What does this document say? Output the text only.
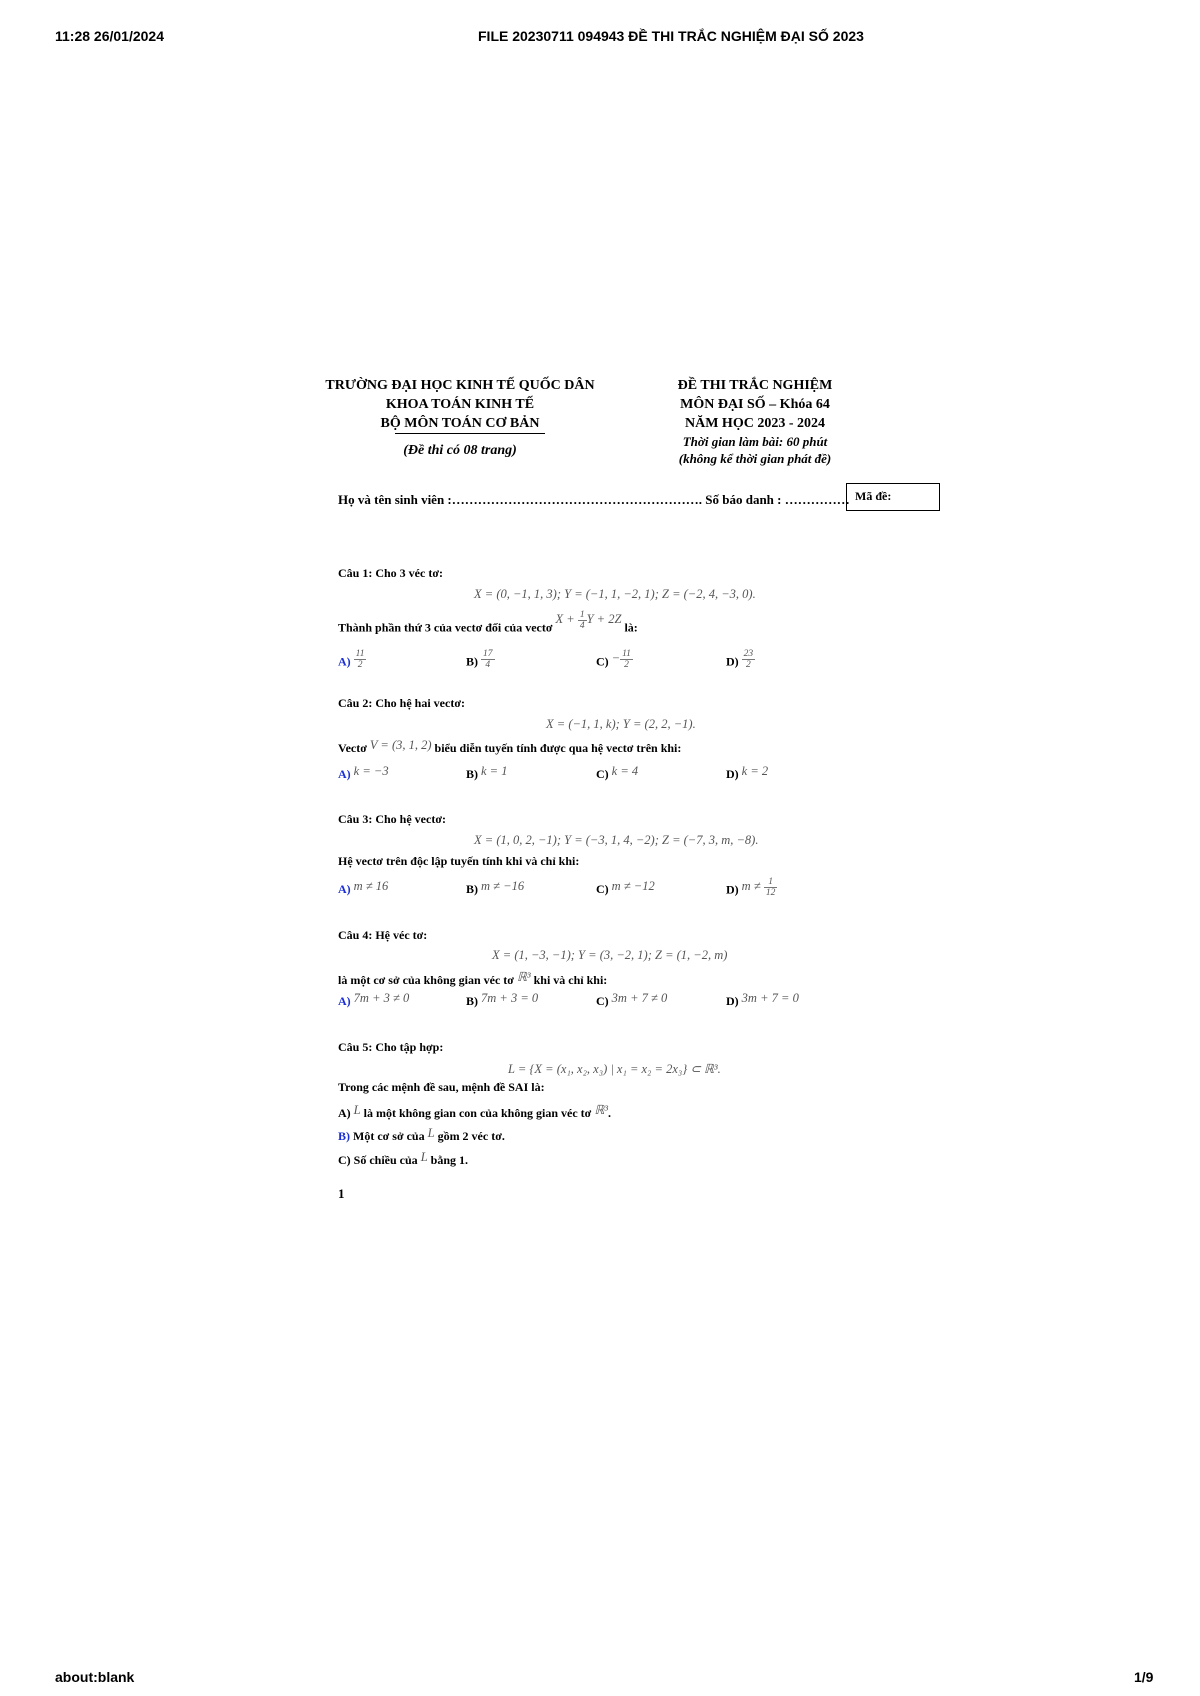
11:28 26/01/2024	FILE 20230711 094943 ĐỀ THI TRẮC NGHIỆM ĐẠI SỐ 2023
TRƯỜNG ĐẠI HỌC KINH TẾ QUỐC DÂN
KHOA TOÁN KINH TẾ
BỘ MÔN TOÁN CƠ BẢN
(Đề thi có 08 trang)
ĐỀ THI TRẮC NGHIỆM
MÔN ĐẠI SỐ – Khóa 64
NĂM HỌC 2023 - 2024
Thời gian làm bài: 60 phút
(không kể thời gian phát đề)
Họ và tên sinh viên :…………………………………………………. Số báo danh : …………… Mã đề:
Câu 1: Cho 3 véc tơ:
X = (0, −1, 1, 3); Y = (−1, 1, −2, 1); Z = (−2, 4, −3, 0).
Thành phần thứ 3 của vectơ đối của vectơ $X + \frac{1}{4}$ Y + 2Z là:
$A) \frac{11}{2}$	$B) \frac{17}{4}$	$C) - \frac{11}{2}$	$D) \frac{23}{2}$
Câu 2: Cho hệ hai vectơ:
X = (−1, 1, k); Y = (2, 2, −1).
Vectơ V = (3, 1, 2) biểu diễn tuyến tính được qua hệ vectơ trên khi:
A) k = −3	B) k = 1	C) k = 4	D) k = 2
Câu 3: Cho hệ vectơ:
X = (1, 0, 2, −1); Y = (−3, 1, 4, −2); Z = (−7, 3, m, −8).
Hệ vectơ trên độc lập tuyến tính khi và chỉ khi:
A) m ≠ 16	B) m ≠ −16	C) m ≠ −12	D) $m \ne \frac{1}{12}$
Câu 4: Hệ véc tơ:
X = (1, −3, −1); Y = (3, −2, 1); Z = (1, −2, m)
là một cơ sở của không gian véc tơ ℝ³ khi và chỉ khi:
A) 7m + 3 ≠ 0	B) 7m + 3 = 0	C) 3m + 7 ≠ 0	D) 3m + 7 = 0
Câu 5: Cho tập hợp:
L = {X = (x₁, x₂, x₃) | x₁ = x₂ = 2x₃} ⊂ ℝ³.
Trong các mệnh đề sau, mệnh đề SAI là:
A) L là một không gian con của không gian véc tơ ℝ³.
B) Một cơ sở của L gồm 2 véc tơ.
C) Số chiều của L bằng 1.
1
about:blank	1/9
